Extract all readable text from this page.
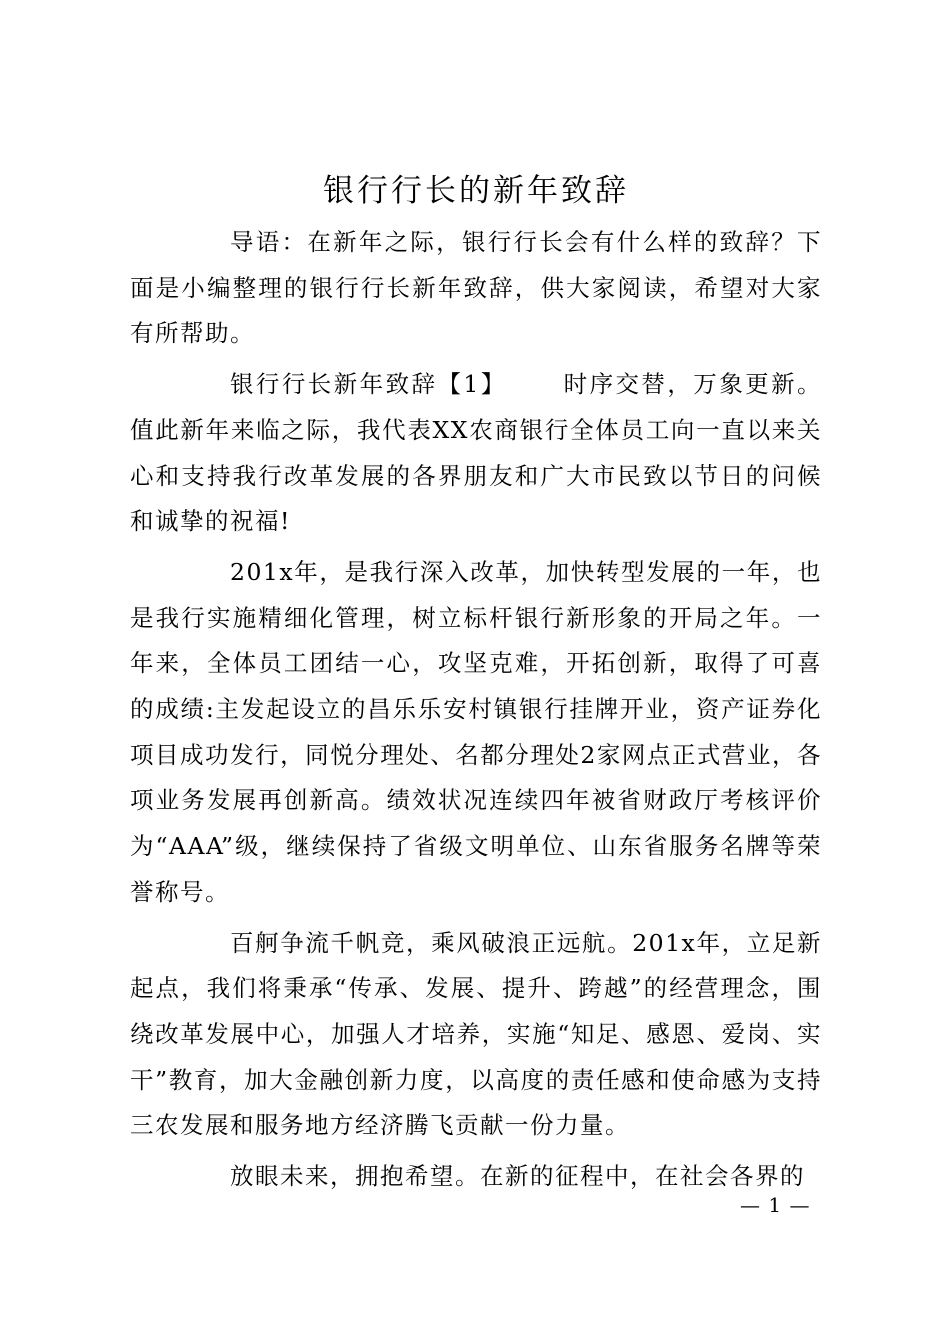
银行行长的新年致辞

导语：在新年之际，银行行长会有什么样的致辞？下面是小编整理的银行行长新年致辞，供大家阅读，希望对大家有所帮助。

银行行长新年致辞【1】 时序交替，万象更新。值此新年来临之际，我代表XX农商银行全体员工向一直以来关心和支持我行改革发展的各界朋友和广大市民致以节日的问候和诚挚的祝福!

201x年，是我行深入改革，加快转型发展的一年，也是我行实施精细化管理，树立标杆银行新形象的开局之年。一年来，全体员工团结一心，攻坚克难，开拓创新，取得了可喜的成绩:主发起设立的昌乐乐安村镇银行挂牌开业，资产证券化项目成功发行，同悦分理处、名都分理处2家网点正式营业，各项业务发展再创新高。绩效状况连续四年被省财政厅考核评价为“AAA”级，继续保持了省级文明单位、山东省服务名牌等荣誉称号。

百舸争流千帆竞，乘风破浪正远航。201x年，立足新起点，我们将秉承“传承、发展、提升、跨越”的经营理念，围绕改革发展中心，加强人才培养，实施“知足、感恩、爱岗、实干”教育，加大金融创新力度，以高度的责任感和使命感为支持三农发展和服务地方经济腾飞贡献一份力量。

放眼未来，拥抱希望。在新的征程中，在社会各界的

— 1 —
